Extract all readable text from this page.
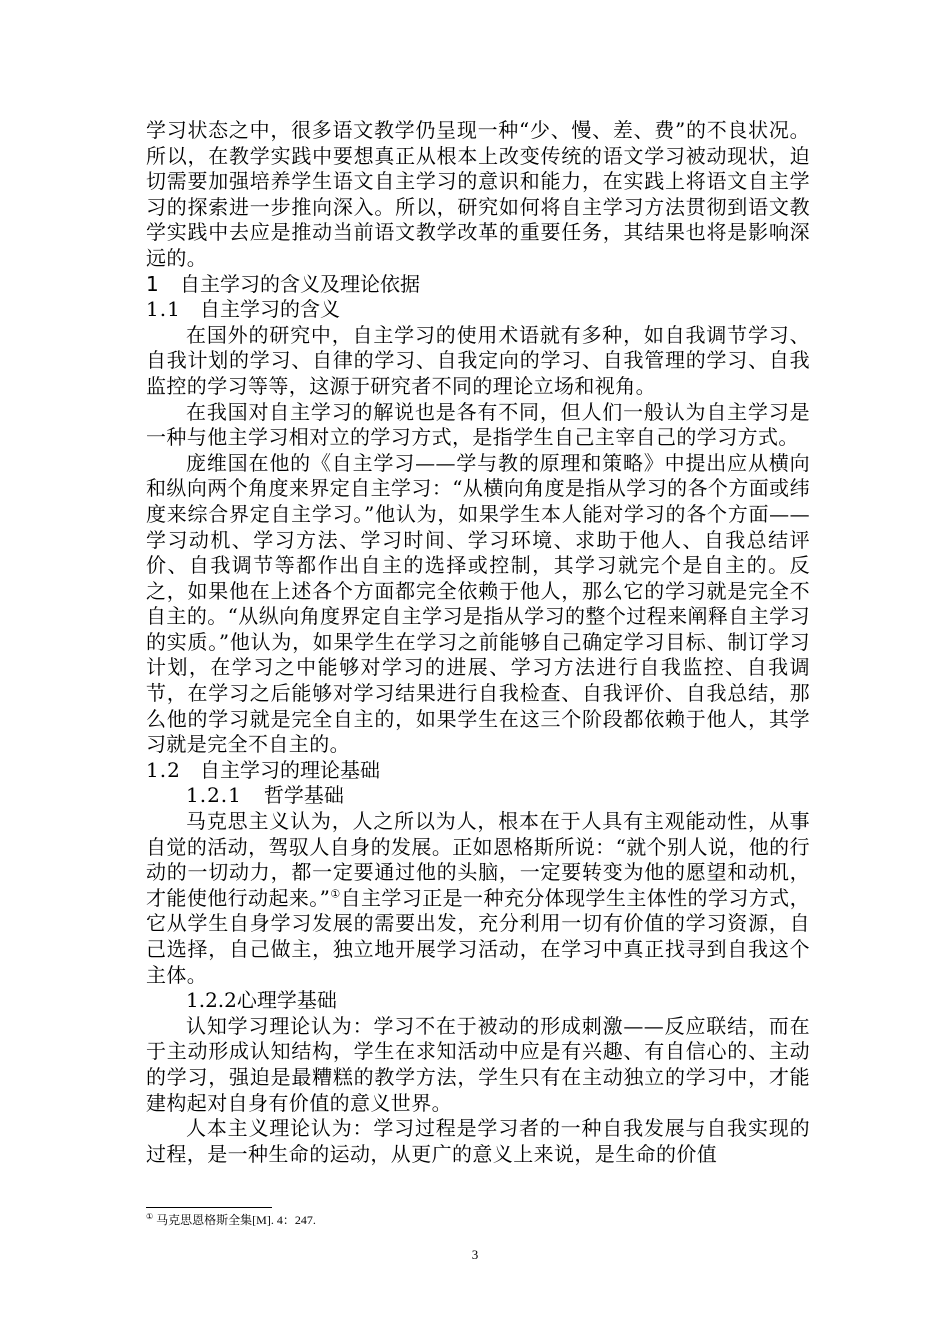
学习状态之中，很多语文教学仍呈现一种“少、慢、差、费”的不良状况。所以，在教学实践中要想真正从根本上改变传统的语文学习被动现状，迫切需要加强培养学生语文自主学习的意识和能力，在实践上将语文自主学习的探索进一步推向深入。所以，研究如何将自主学习方法贯彻到语文教学实践中去应是推动当前语文教学改革的重要任务，其结果也将是影响深远的。

1 自主学习的含义及理论依据
1.1 自主学习的含义

在国外的研究中，自主学习的使用术语就有多种，如自我调节学习、自我计划的学习、自律的学习、自我定向的学习、自我管理的学习、自我监控的学习等等，这源于研究者不同的理论立场和视角。

在我国对自主学习的解说也是各有不同，但人们一般认为自主学习是一种与他主学习相对立的学习方式，是指学生自己主宰自己的学习方式。

庞维国在他的《自主学习——学与教的原理和策略》中提出应从横向和纵向两个角度来界定自主学习：“从横向角度是指从学习的各个方面或纬度来综合界定自主学习。”他认为，如果学生本人能对学习的各个方面——学习动机、学习方法、学习时间、学习环境、求助于他人、自我总结评价、自我调节等都作出自主的选择或控制，其学习就完个是自主的。反之，如果他在上述各个方面都完全依赖于他人，那么它的学习就是完全不自主的。“从纵向角度界定自主学习是指从学习的整个过程来阐释自主学习的实质。”他认为，如果学生在学习之前能够自己确定学习目标、制订学习计划，在学习之中能够对学习的进展、学习方法进行自我监控、自我调节，在学习之后能够对学习结果进行自我检查、自我评价、自我总结，那么他的学习就是完全自主的，如果学生在这三个阶段都依赖于他人，其学习就是完全不自主的。

1.2 自主学习的理论基础
1.2.1 哲学基础

马克思主义认为，人之所以为人，根本在于人具有主观能动性，从事自觉的活动，驾驭人自身的发展。正如恩格斯所说：“就个别人说，他的行动的一切动力，都一定要通过他的头脑，一定要转变为他的愿望和动机，才能使他行动起来。”①自主学习正是一种充分体现学生主体性的学习方式，它从学生自身学习发展的需要出发，充分利用一切有价值的学习资源，自己选择，自己做主，独立地开展学习活动，在学习中真正找寻到自我这个主体。

1.2.2心理学基础

认知学习理论认为：学习不在于被动的形成刺激——反应联结，而在于主动形成认知结构，学生在求知活动中应是有兴趣、有自信心的、主动的学习，强迫是最糟糕的教学方法，学生只有在主动独立的学习中，才能建构起对自身有价值的意义世界。

人本主义理论认为：学习过程是学习者的一种自我发展与自我实现的过程，是一种生命的运动，从更广的意义上来说，是生命的价值

① 马克思恩格斯全集[M]. 4：247.
3
